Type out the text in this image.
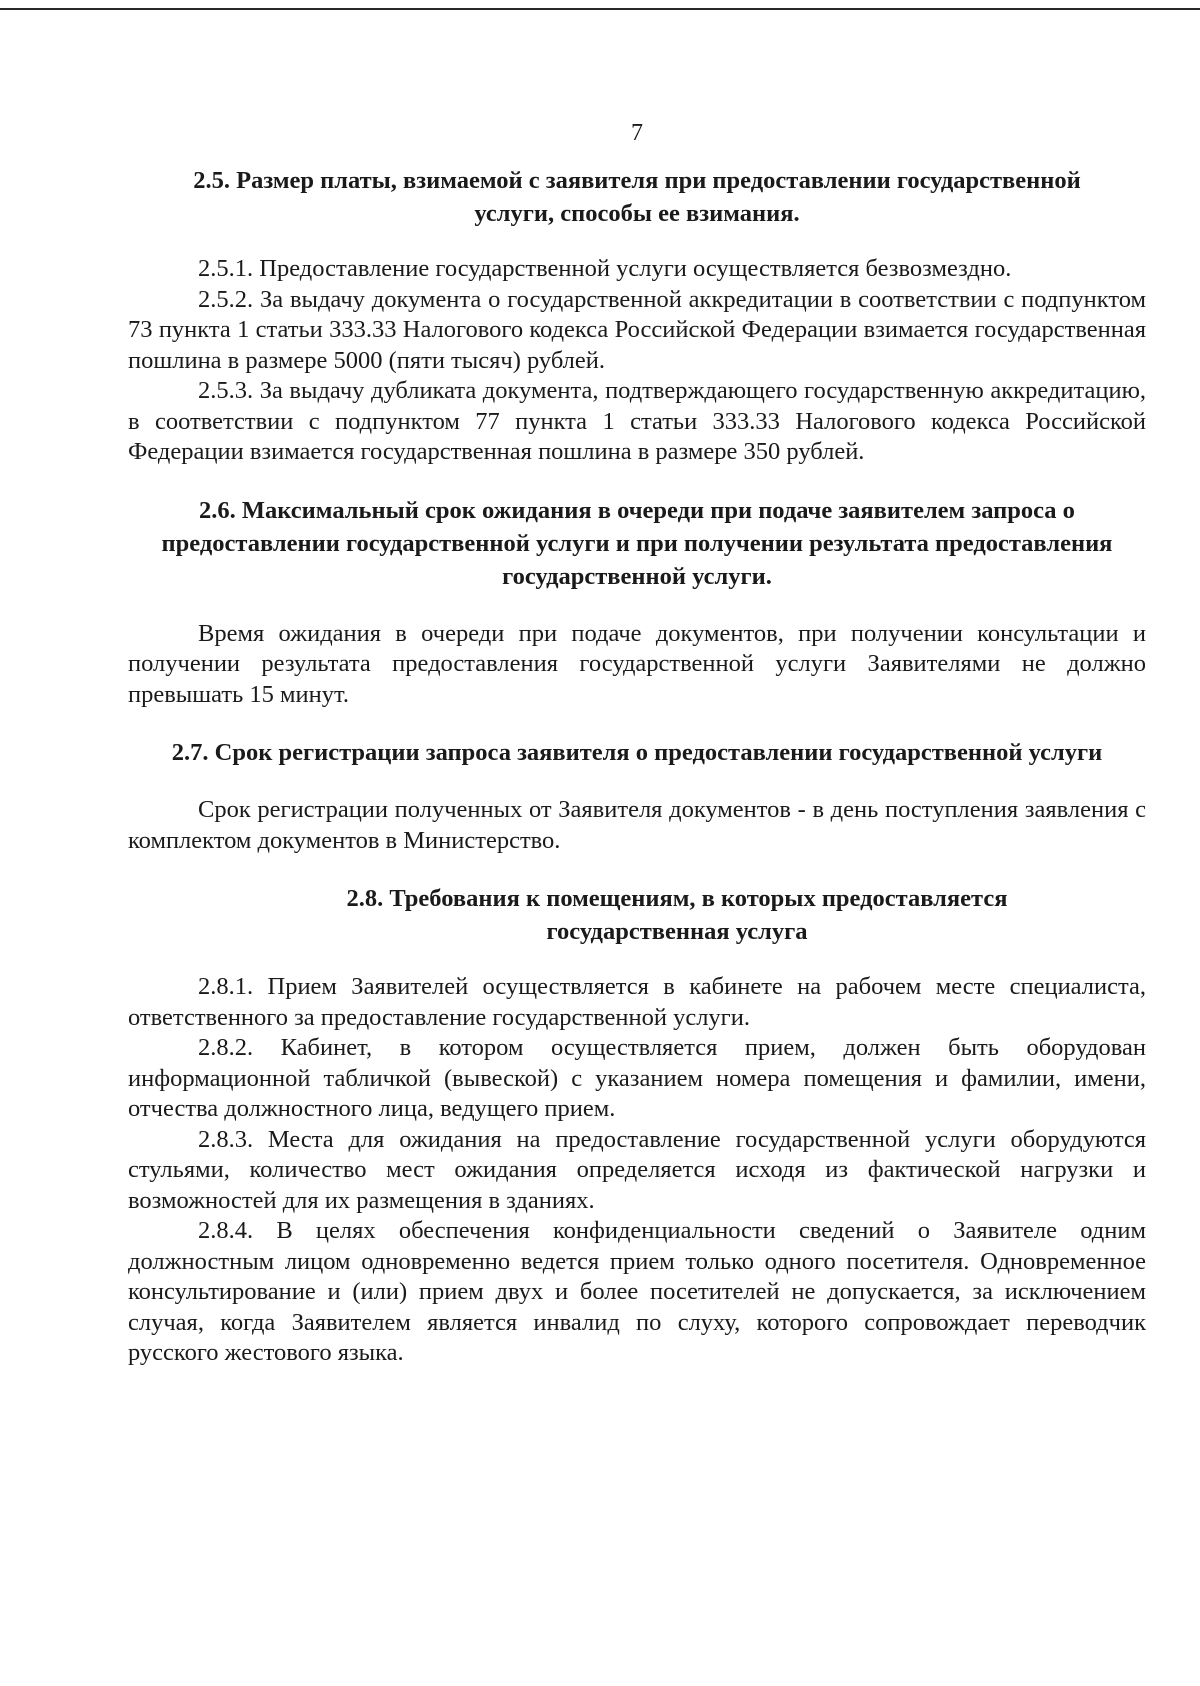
7
2.5. Размер платы, взимаемой с заявителя при предоставлении государственной услуги, способы ее взимания.

2.5.1. Предоставление государственной услуги осуществляется безвозмездно.

2.5.2. За выдачу документа о государственной аккредитации в соответствии с подпунктом 73 пункта 1 статьи 333.33 Налогового кодекса Российской Федерации взимается государственная пошлина в размере 5000 (пяти тысяч) рублей.

2.5.3. За выдачу дубликата документа, подтверждающего государственную аккредитацию, в соответствии с подпунктом 77 пункта 1 статьи 333.33 Налогового кодекса Российской Федерации взимается государственная пошлина в размере 350 рублей.

2.6. Максимальный срок ожидания в очереди при подаче заявителем запроса о предоставлении государственной услуги и при получении результата предоставления государственной услуги.

Время ожидания в очереди при подаче документов, при получении консультации и получении результата предоставления государственной услуги Заявителями не должно превышать 15 минут.

2.7. Срок регистрации запроса заявителя о предоставлении государственной услуги

Срок регистрации полученных от Заявителя документов - в день поступления заявления с комплектом документов в Министерство.

2.8. Требования к помещениям, в которых предоставляется государственная услуга

2.8.1. Прием Заявителей осуществляется в кабинете на рабочем месте специалиста, ответственного за предоставление государственной услуги.

2.8.2. Кабинет, в котором осуществляется прием, должен быть оборудован информационной табличкой (вывеской) с указанием номера помещения и фамилии, имени, отчества должностного лица, ведущего прием.

2.8.3. Места для ожидания на предоставление государственной услуги оборудуются стульями, количество мест ожидания определяется исходя из фактической нагрузки и возможностей для их размещения в зданиях.

2.8.4. В целях обеспечения конфиденциальности сведений о Заявителе одним должностным лицом одновременно ведется прием только одного посетителя. Одновременное консультирование и (или) прием двух и более посетителей не допускается, за исключением случая, когда Заявителем является инвалид по слуху, которого сопровождает переводчик русского жестового языка.
